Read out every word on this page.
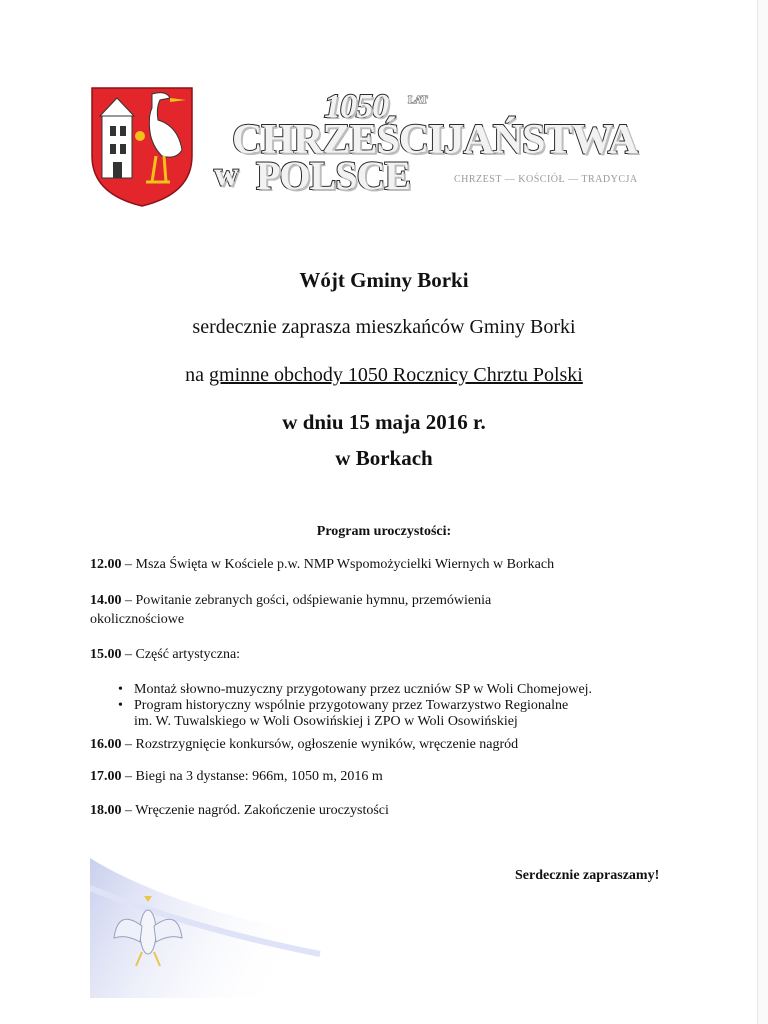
1050 LAT
CHRZEŚCIJAŃSTWA
w POLSCE	CHRZEST — KOŚCIÓŁ — TRADYCJA
Wójt Gminy Borki
serdecznie zaprasza mieszkańców Gminy Borki
na gminne obchody 1050 Rocznicy Chrztu Polski
w dniu 15 maja 2016 r.
w Borkach
Program uroczystości:
12.00 – Msza Święta w Kościele p.w. NMP Wspomożycielki Wiernych w Borkach
14.00 – Powitanie zebranych gości, odśpiewanie hymnu, przemówienia
okolicznościowe
15.00 – Część artystyczna:
• Montaż słowno-muzyczny przygotowany przez uczniów SP w Woli Chomejowej.
• Program historyczny wspólnie przygotowany przez Towarzystwo Regionalne
im. W. Tuwalskiego w Woli Osowińskiej i ZPO w Woli Osowińskiej
16.00 – Rozstrzygnięcie konkursów, ogłoszenie wyników, wręczenie nagród
17.00 – Biegi na 3 dystanse: 966m, 1050 m, 2016 m
18.00 – Wręczenie nagród. Zakończenie uroczystości
Serdecznie zapraszamy!
